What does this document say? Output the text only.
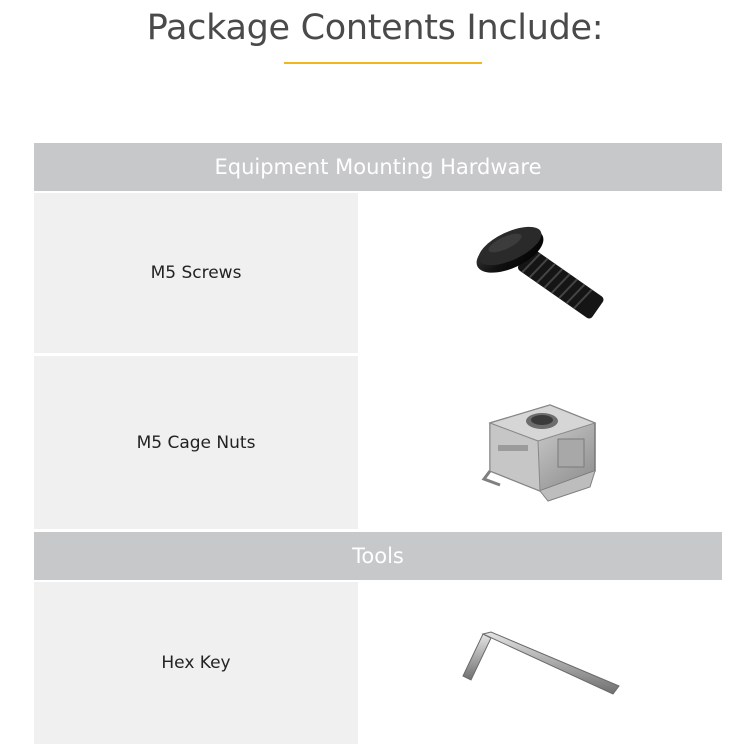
Package Contents Include:
Equipment Mounting Hardware
M5 Screws
M5 Cage Nuts
Tools
Hex Key
